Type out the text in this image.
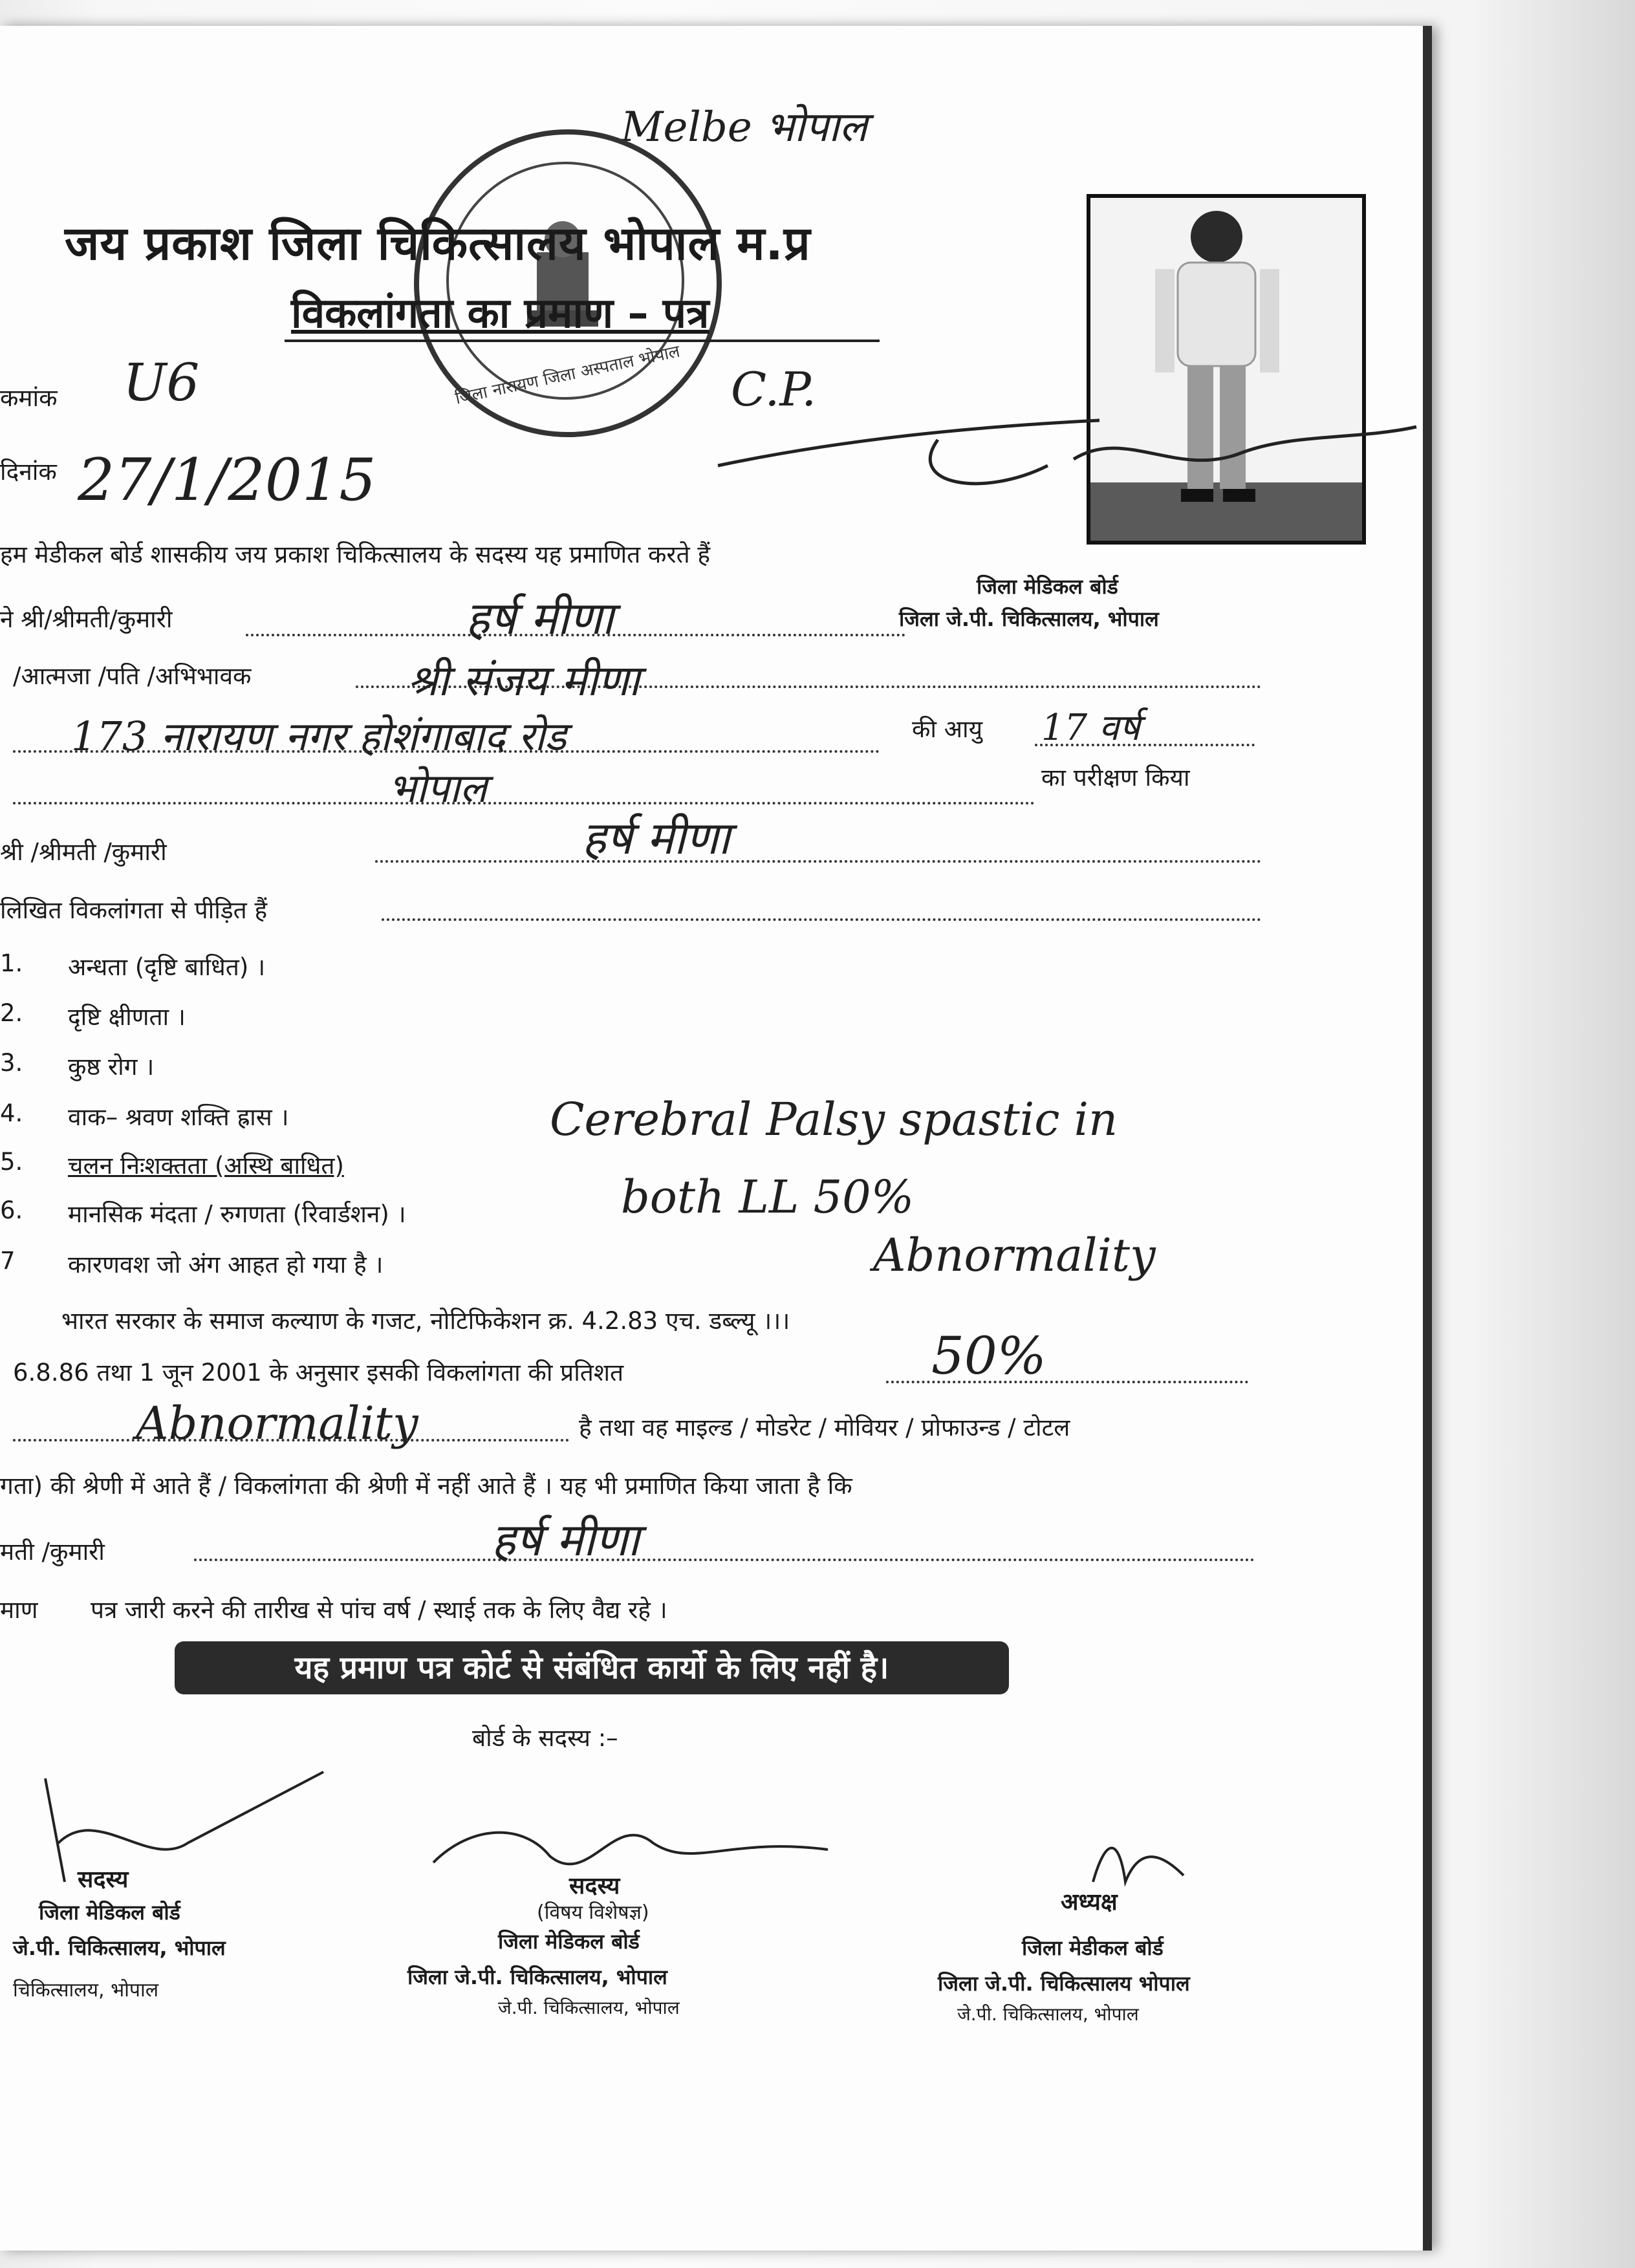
Melbe भोपाल
जिला नारायण जिला अस्पताल भोपाल
जय प्रकाश जिला चिकित्सालय भोपाल म.प्र
विकलांगता का प्रमाण – पत्र
कमांक U6	C.P.
दिनांक 27/1/2015
हम मेडीकल बोर्ड शासकीय जय प्रकाश चिकित्सालय के सदस्य यह प्रमाणित करते हैं
जिला मेडिकल बोर्ड
जिला जे.पी. चिकित्सालय, भोपाल
ने श्री/श्रीमती/कुमारी	हर्ष मीणा
/आत्मजा /पति /अभिभावक	श्री संजय मीणा
173 नारायण नगर होशंगाबाद रोड	की आयु 17 वर्ष
भोपाल	का परीक्षण किया
श्री /श्रीमती /कुमारी	हर्ष मीणा
लिखित विकलांगता से पीड़ित हैं
1. अन्धता (दृष्टि बाधित) ।
2. दृष्टि क्षीणता ।
3. कुष्ठ रोग ।
4. वाक– श्रवण शक्ति ह्रास ।
5. चलन निःशक्तता (अस्थि बाधित)
6. मानसिक मंदता / रुगणता (रिवार्डशन) ।
7 कारणवश जो अंग आहत हो गया है ।
Cerebral Palsy spastic in
both LL 50%
Abnormality
भारत सरकार के समाज कल्याण के गजट, नोटिफिकेशन क्र. 4.2.83 एच. डब्ल्यू ।।।
6.8.86 तथा 1 जून 2001 के अनुसार इसकी विकलांगता की प्रतिशत	50%
Abnormality	है तथा वह माइल्ड / मोडरेट / मोवियर / प्रोफाउन्ड / टोटल
गता) की श्रेणी में आते हैं / विकलांगता की श्रेणी में नहीं आते हैं । यह भी प्रमाणित किया जाता है कि
मती /कुमारी	हर्ष मीणा
माण पत्र जारी करने की तारीख से पांच वर्ष / स्थाई तक के लिए वैद्य रहे ।
यह प्रमाण पत्र कोर्ट से संबंधित कार्यो के लिए नहीं है।
बोर्ड के सदस्य :–
सदस्य
जिला मेडिकल बोर्ड
जे.पी. चिकित्सालय, भोपाल
चिकित्सालय, भोपाल
सदस्य
(विषय विशेषज्ञ)
जिला मेडिकल बोर्ड
जिला जे.पी. चिकित्सालय, भोपाल
जे.पी. चिकित्सालय, भोपाल
अध्यक्ष
जिला मेडीकल बोर्ड
जिला जे.पी. चिकित्सालय भोपाल
जे.पी. चिकित्सालय, भोपाल
